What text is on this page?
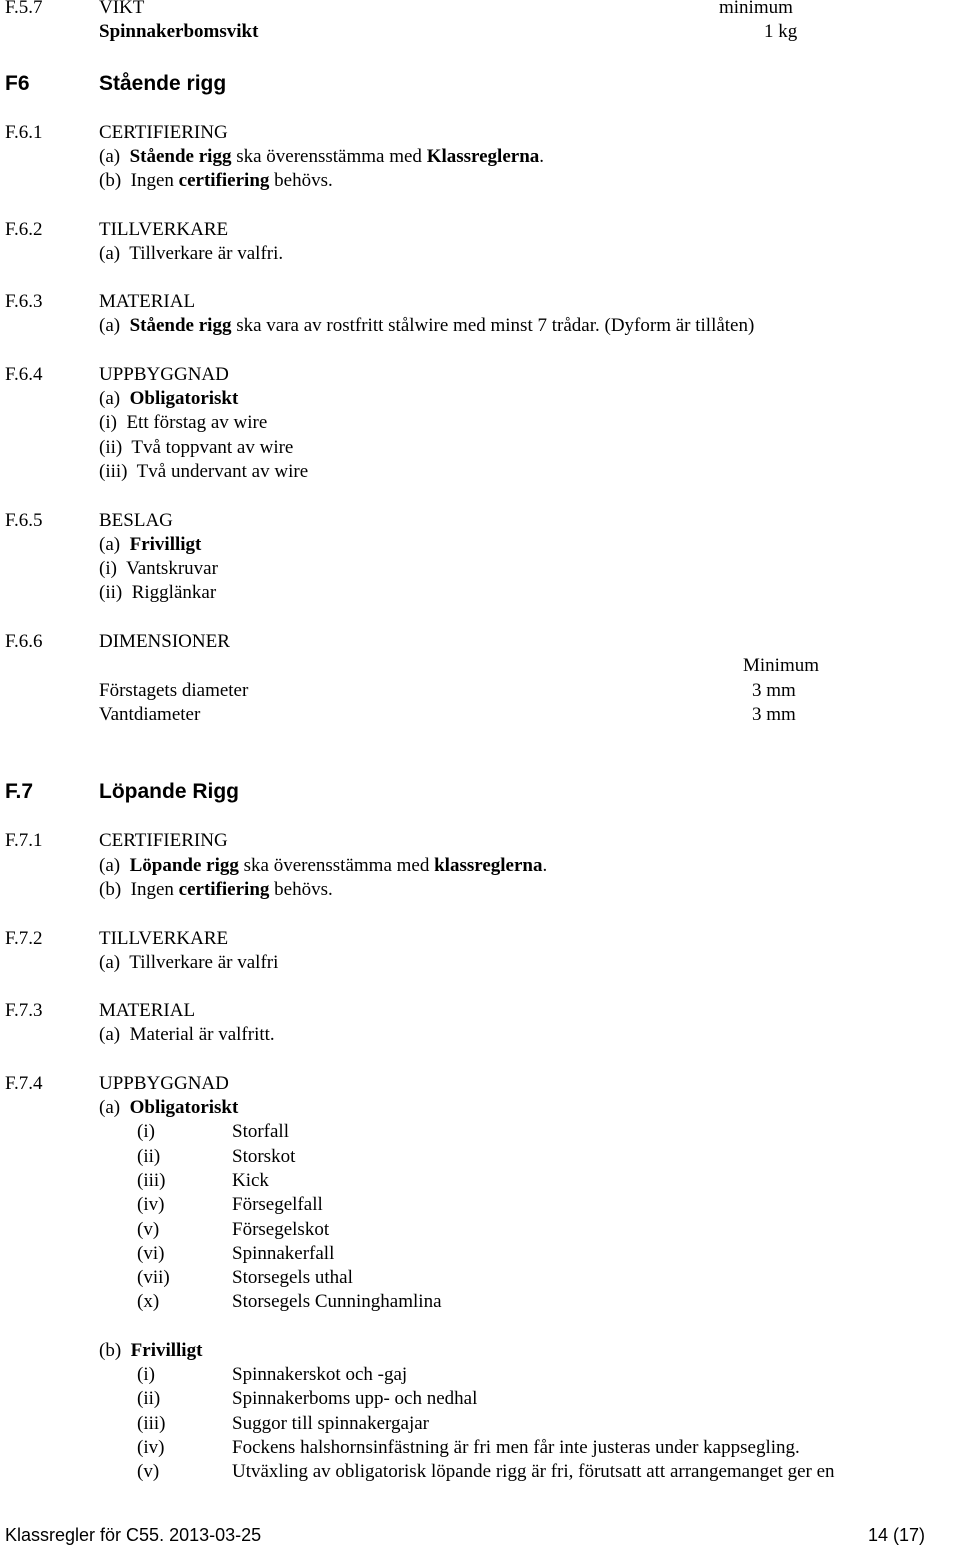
F.5.7	VIKT	minimum
Spinnakerbomsvikt	1 kg
F6	Stående rigg
F.6.1	CERTIFIERING
(a) Stående rigg ska överensstämma med Klassreglerna.
(b) Ingen certifiering behövs.
F.6.2	TILLVERKARE
(a) Tillverkare är valfri.
F.6.3	MATERIAL
(a) Stående rigg ska vara av rostfritt stålwire med minst 7 trådar. (Dyform är tillåten)
F.6.4	UPPBYGGNAD
(a) Obligatoriskt
(i) Ett förstag av wire
(ii) Två toppvant av wire
(iii) Två undervant av wire
F.6.5	BESLAG
(a) Frivilligt
(i) Vantskruvar
(ii) Rigglänkar
F.6.6	DIMENSIONER
Minimum
Förstagets diameter	3 mm
Vantdiameter	3 mm
F.7	Löpande Rigg
F.7.1	CERTIFIERING
(a) Löpande rigg ska överensstämma med klassreglerna.
(b) Ingen certifiering behövs.
F.7.2	TILLVERKARE
(a) Tillverkare är valfri
F.7.3	MATERIAL
(a) Material är valfritt.
F.7.4	UPPBYGGNAD
(a) Obligatoriskt
(i)	Storfall
(ii)	Storskot
(iii)	Kick
(iv)	Försegelfall
(v)	Försegelskot
(vi)	Spinnakerfall
(vii)	Storsegels uthal
(x)	Storsegels Cunninghamlina
(b) Frivilligt
(i)	Spinnakerskot och -gaj
(ii)	Spinnakerboms upp- och nedhal
(iii)	Suggor till spinnakergajar
(iv)	Fockens halshornsinfästning är fri men får inte justeras under kappsegling.
(v)	Utväxling av obligatorisk löpande rigg är fri, förutsatt att arrangemanget ger en
Klassregler för C55. 2013-03-25	14 (17)
